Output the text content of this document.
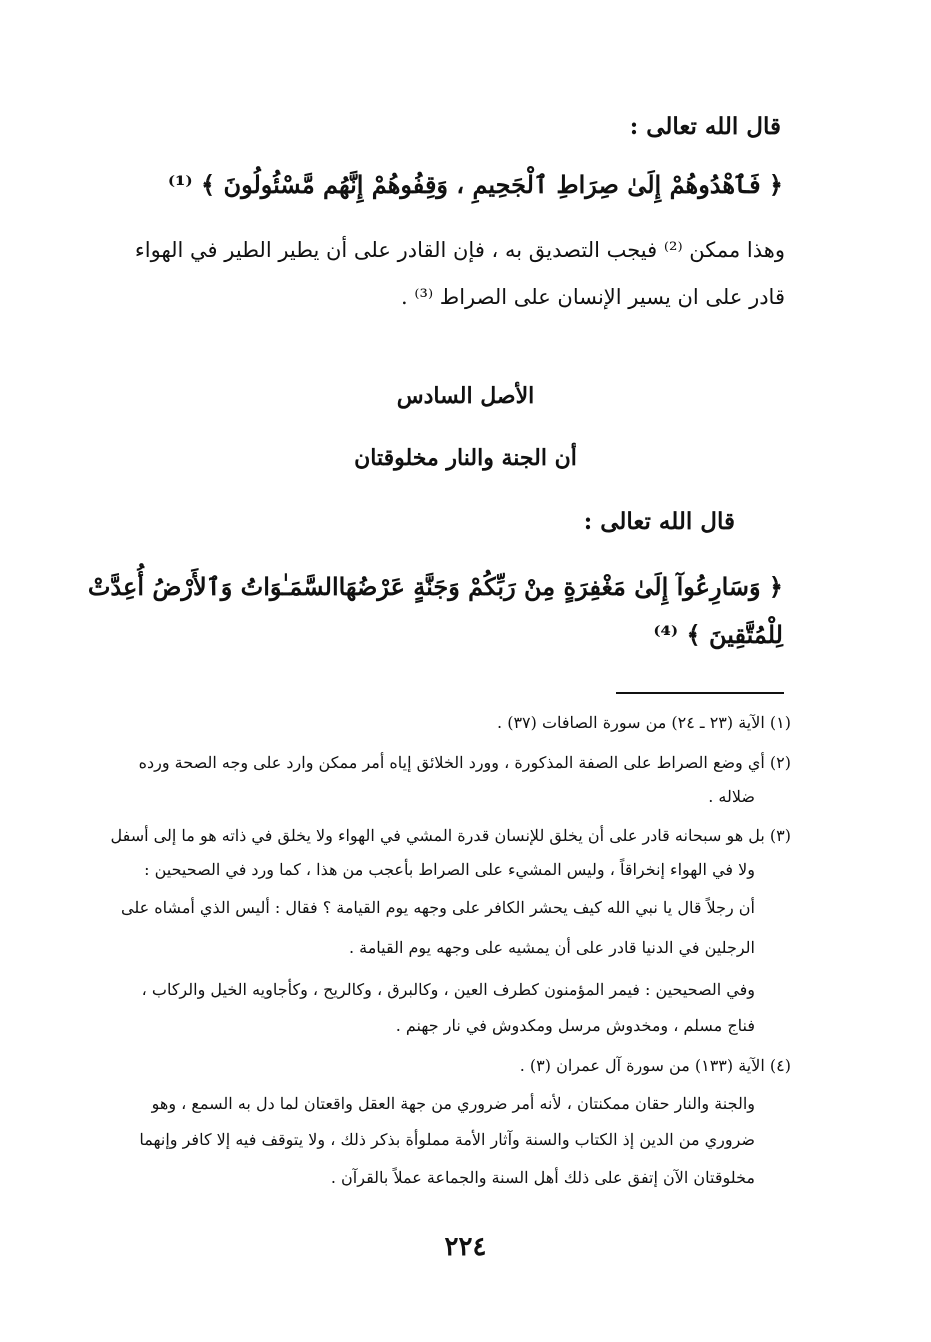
قال الله تعالى :
﴿ فَٱهْدُوهُمْ إِلَىٰ صِرَاطِ ٱلْجَحِيمِ ، وَقِفُوهُمْ إِنَّهُم مَّسْئُولُونَ ﴾ ⁽¹⁾
وهذا ممكن ⁽²⁾ فيجب التصديق به ، فإن القادر على أن يطير الطير في الهواء
قادر على ان يسير الإنسان على الصراط ⁽³⁾ .
الأصل السادس
أن الجنة والنار مخلوقتان
قال الله تعالى :
﴿ وَسَارِعُوآ إِلَىٰ مَغْفِرَةٍ مِنْ رَبِّكُمْ وَجَنَّةٍ عَرْضُهَاالسَّمَـٰوَاتُ وَٱلأَرْضُ أُعِدَّتْ
لِلْمُتَّقِينَ ﴾ ⁽⁴⁾
(١) الآية (٢٣ ـ ٢٤) من سورة الصافات (٣٧) .
(٢) أي وضع الصراط على الصفة المذكورة ، وورد الخلائق إياه أمر ممكن وارد على وجه الصحة ورده
ضلاله .
(٣) بل هو سبحانه قادر على أن يخلق للإنسان قدرة المشي في الهواء ولا يخلق في ذاته هو ما إلى أسفل
ولا في الهواء إنخراقاً ، وليس المشيء على الصراط بأعجب من هذا ، كما ورد في الصحيحين :
أن رجلاً قال يا نبي الله كيف يحشر الكافر على وجهه يوم القيامة ؟ فقال : أليس الذي أمشاه على
الرجلين في الدنيا قادر على أن يمشيه على وجهه يوم القيامة .
وفي الصحيحين : فيمر المؤمنون كطرف العين ، وكالبرق ، وكالريح ، وكأجاويه الخيل والركاب ،
فناج مسلم ، ومخدوش مرسل ومكدوش في نار جهنم .
(٤) الآية (١٣٣) من سورة آل عمران (٣) .
والجنة والنار حقان ممكنتان ، لأنه أمر ضروري من جهة العقل واقعتان لما دل به السمع ، وهو
ضروري من الدين إذ الكتاب والسنة وآثار الأمة مملوأة بذكر ذلك ، ولا يتوقف فيه إلا كافر وإنهما
مخلوقتان الآن إتفق على ذلك أهل السنة والجماعة عملاً بالقرآن .
٢٢٤
